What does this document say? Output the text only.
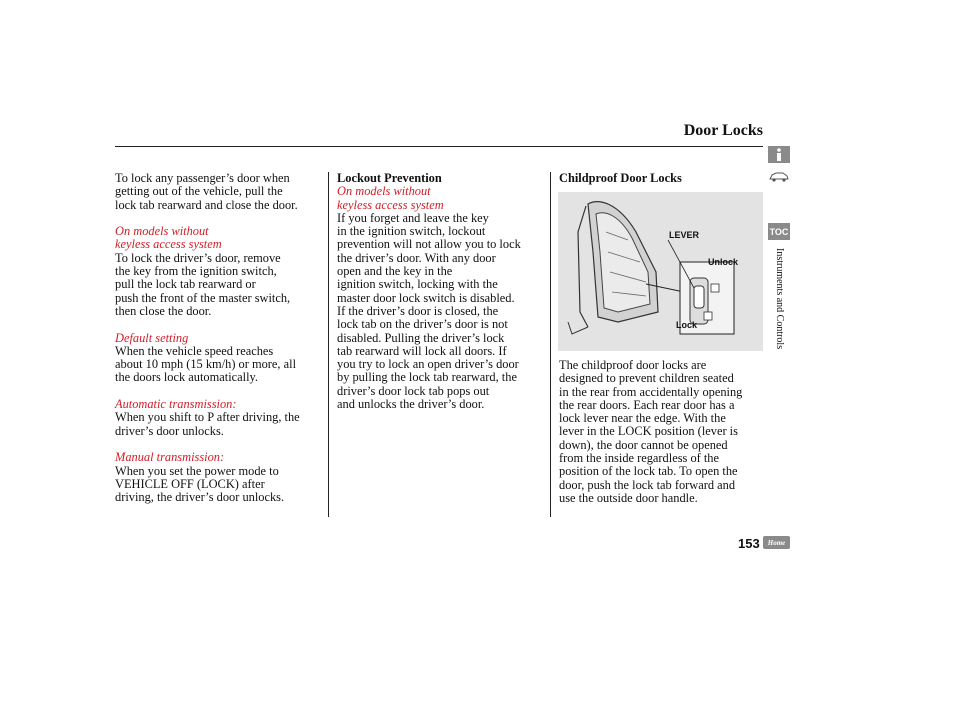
Door Locks

To lock any passenger’s door when
getting out of the vehicle, pull the
lock tab rearward and close the door.

On models without
keyless access system

To lock the driver’s door, remove
the key from the ignition switch,
pull the lock tab rearward or
push the front of the master switch,
then close the door.

Default setting

When the vehicle speed reaches
about 10 mph (15 km/h) or more, all
the doors lock automatically.

Automatic transmission:

When you shift to P after driving, the
driver’s door unlocks.

Manual transmission:

When you set the power mode to
VEHICLE OFF (LOCK) after
driving, the driver’s door unlocks.

Lockout Prevention

On models without
keyless access system

If you forget and leave the key
in the ignition switch, lockout
prevention will not allow you to lock
the driver’s door. With any door
open and the key in the
ignition switch, locking with the
master door lock switch is disabled.
If the driver’s door is closed, the
lock tab on the driver’s door is not
disabled. Pulling the driver’s lock
tab rearward will lock all doors. If
you try to lock an open driver’s door
by pulling the lock tab rearward, the
driver’s door lock tab pops out
and unlocks the driver’s door.

Childproof Door Locks

LEVER
Unlock
Lock

The childproof door locks are
designed to prevent children seated
in the rear from accidentally opening
the rear doors. Each rear door has a
lock lever near the edge. With the
lever in the LOCK position (lever is
down), the door cannot be opened
from the inside regardless of the
position of the lock tab. To open the
door, push the lock tab forward and
use the outside door handle.

TOC
Instruments and Controls
153 Home
